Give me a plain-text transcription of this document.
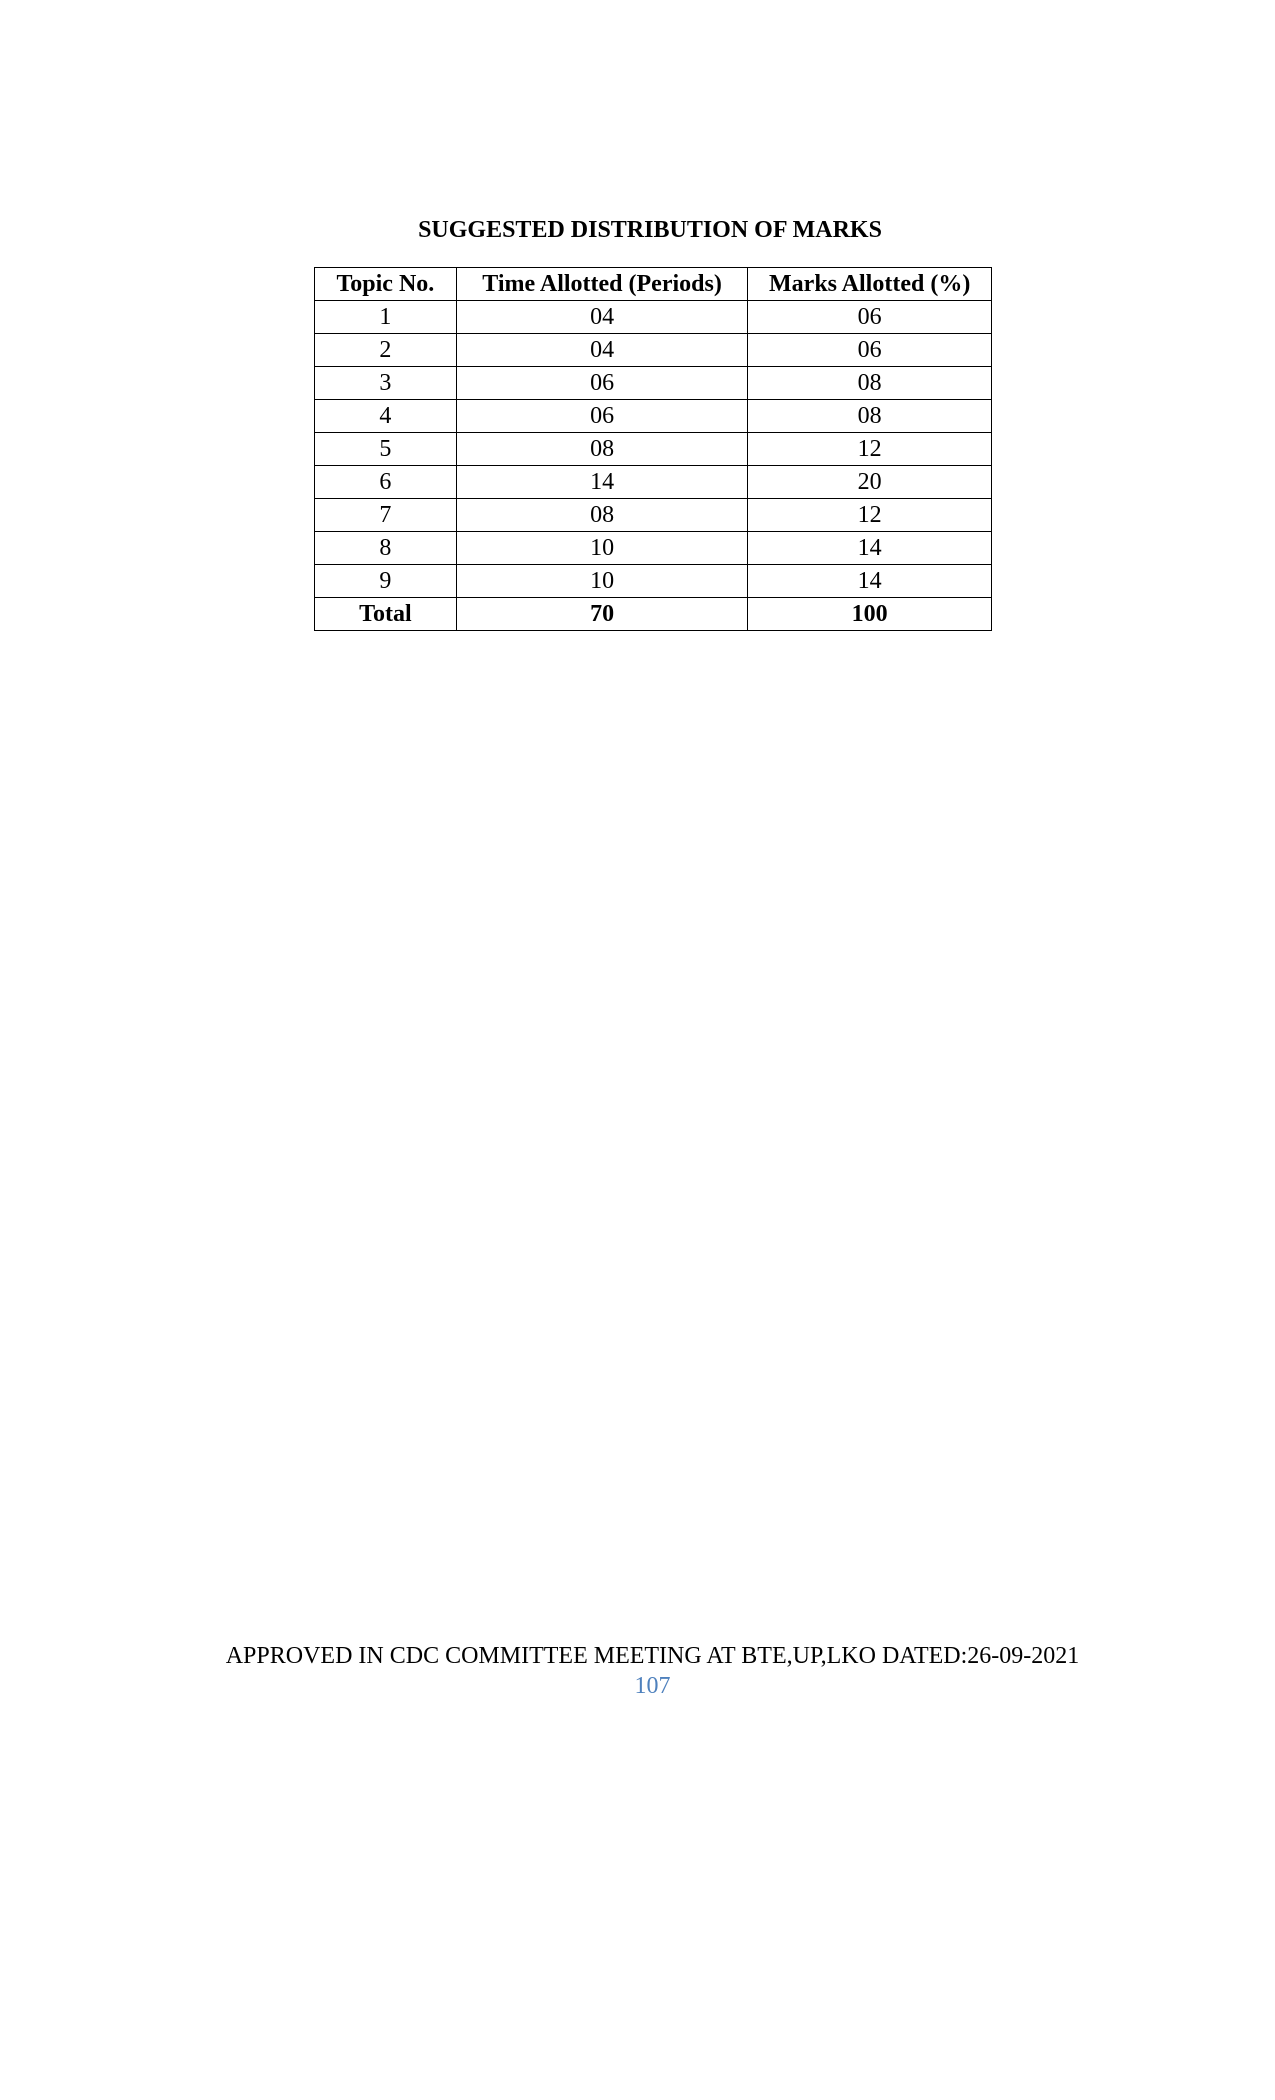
SUGGESTED DISTRIBUTION OF MARKS
Topic No.	Time Allotted (Periods)	Marks Allotted (%)
1	04	06
2	04	06
3	06	08
4	06	08
5	08	12
6	14	20
7	08	12
8	10	14
9	10	14
Total	70	100
APPROVED IN CDC COMMITTEE MEETING AT BTE,UP,LKO DATED:26-09-2021
107
